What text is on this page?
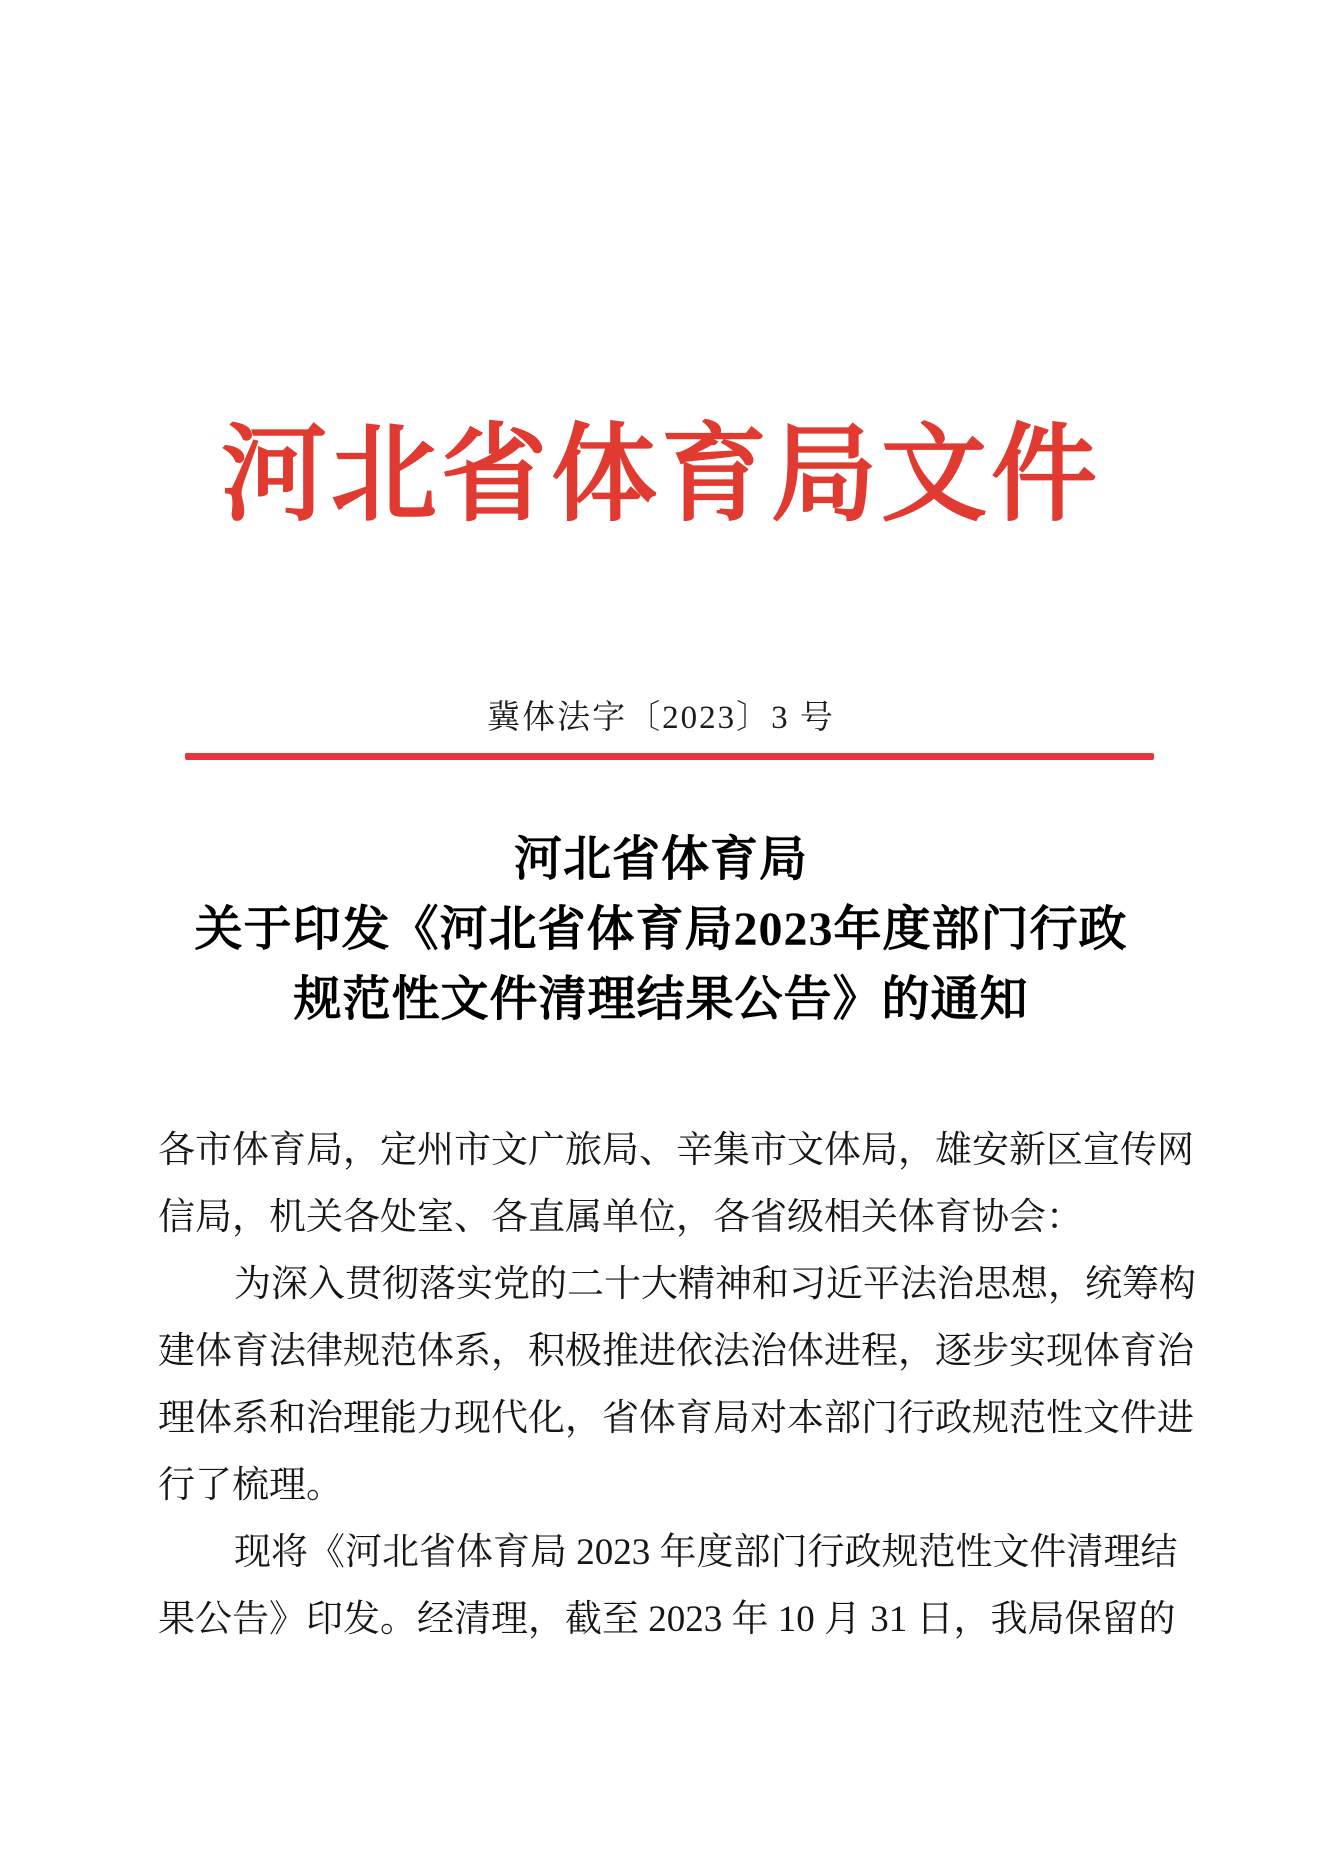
河北省体育局文件
冀体法字〔2023〕3 号
河北省体育局
关于印发《河北省体育局2023年度部门行政
规范性文件清理结果公告》的通知
各市体育局，定州市文广旅局、辛集市文体局，雄安新区宣传网
信局，机关各处室、各直属单位，各省级相关体育协会：
为深入贯彻落实党的二十大精神和习近平法治思想，统筹构
建体育法律规范体系，积极推进依法治体进程，逐步实现体育治
理体系和治理能力现代化，省体育局对本部门行政规范性文件进
行了梳理。
现将《河北省体育局 2023 年度部门行政规范性文件清理结
果公告》印发。经清理，截至 2023 年 10 月 31 日，我局保留的
